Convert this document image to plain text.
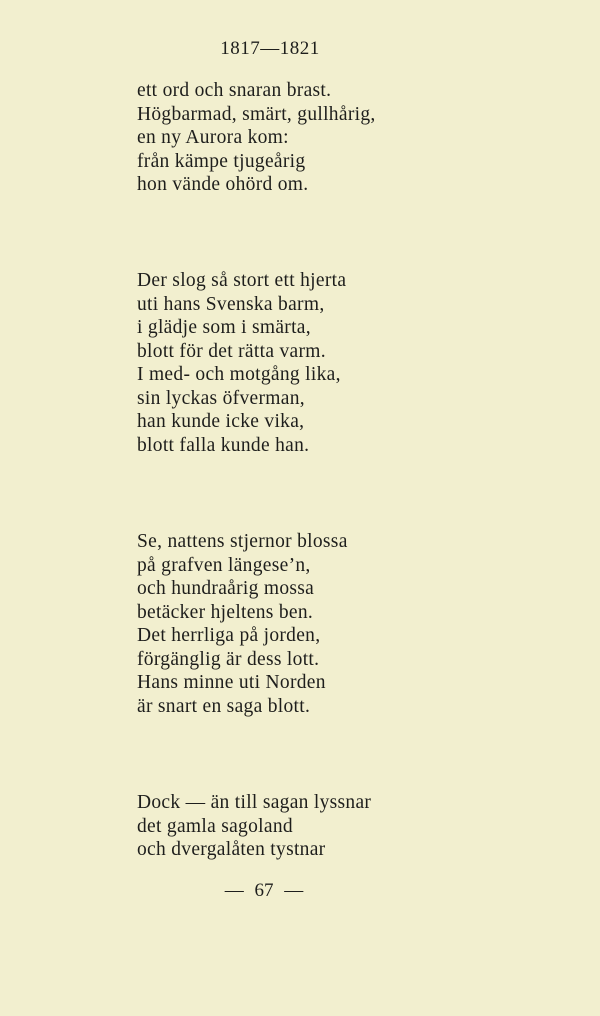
1817—1821
ett ord och snaran brast.
Högbarmad, smärt, gullhårig,
en ny Aurora kom:
från kämpe tjugeårig
hon vände ohörd om.
Der slog så stort ett hjerta
uti hans Svenska barm,
i glädje som i smärta,
blott för det rätta varm.
I med- och motgång lika,
sin lyckas öfverman,
han kunde icke vika,
blott falla kunde han.
Se, nattens stjernor blossa
på grafven längese’n,
och hundraårig mossa
betäcker hjeltens ben.
Det herrliga på jorden,
förgänglig är dess lott.
Hans minne uti Norden
är snart en saga blott.
Dock — än till sagan lyssnar
det gamla sagoland
och dvergalåten tystnar
— 67 —
